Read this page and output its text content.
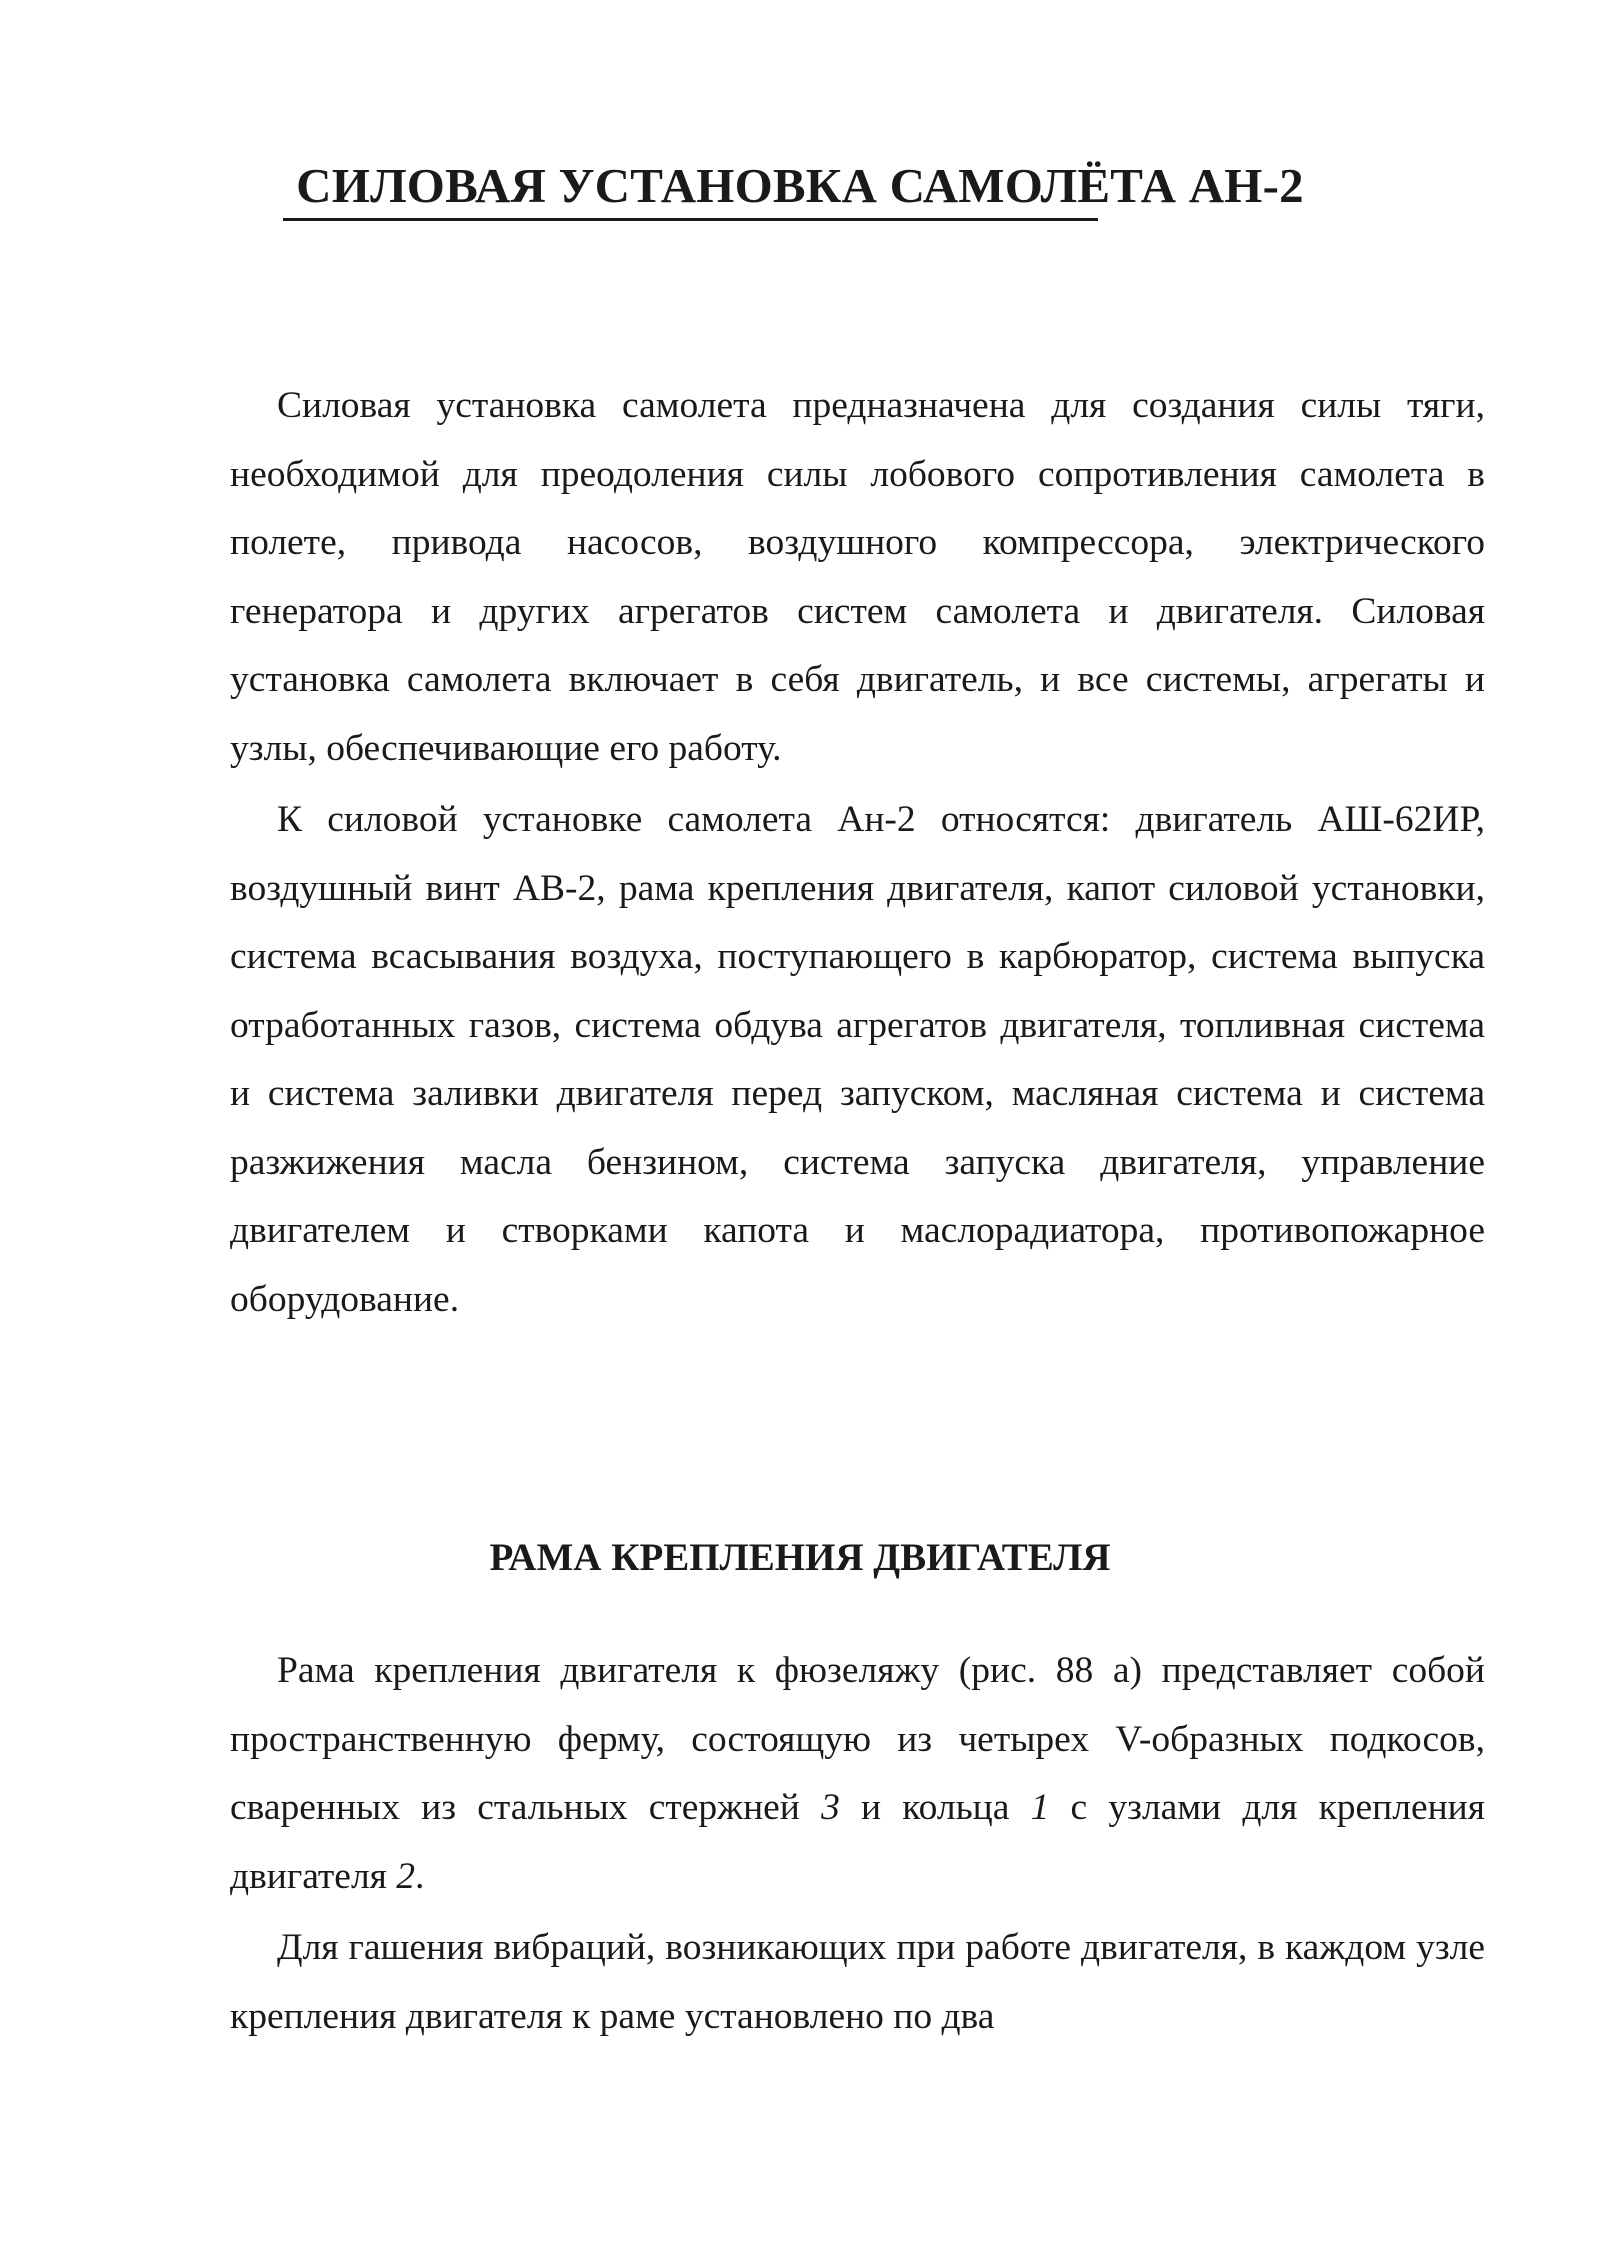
СИЛОВАЯ УСТАНОВКА САМОЛЁТА АН-2

Силовая установка самолета предназначена для создания силы тяги, необходимой для преодоления силы лобового сопротивления самолета в полете, привода насосов, воздушного компрессора, электрического генератора и других агрегатов систем самолета и двигателя. Силовая установка самолета включает в себя двигатель, и все системы, агрегаты и узлы, обеспечивающие его работу.

К силовой установке самолета Ан-2 относятся: двигатель АШ-62ИР, воздушный винт АВ-2, рама крепления двигателя, капот силовой установки, система всасывания воздуха, поступающего в карбюратор, система выпуска отработанных газов, система обдува агрегатов двигателя, топливная система и система заливки двигателя перед запуском, масляная система и система разжижения масла бензином, система запуска двигателя, управление двигателем и створками капота и маслорадиатора, противопожарное оборудование.

РАМА КРЕПЛЕНИЯ ДВИГАТЕЛЯ

Рама крепления двигателя к фюзеляжу (рис. 88 а) представляет собой пространственную ферму, состоящую из четырех V-образных подкосов, сваренных из стальных стержней 3 и кольца 1 с узлами для крепления двигателя 2.

Для гашения вибраций, возникающих при работе двигателя, в каждом узле крепления двигателя к раме установлено по два
